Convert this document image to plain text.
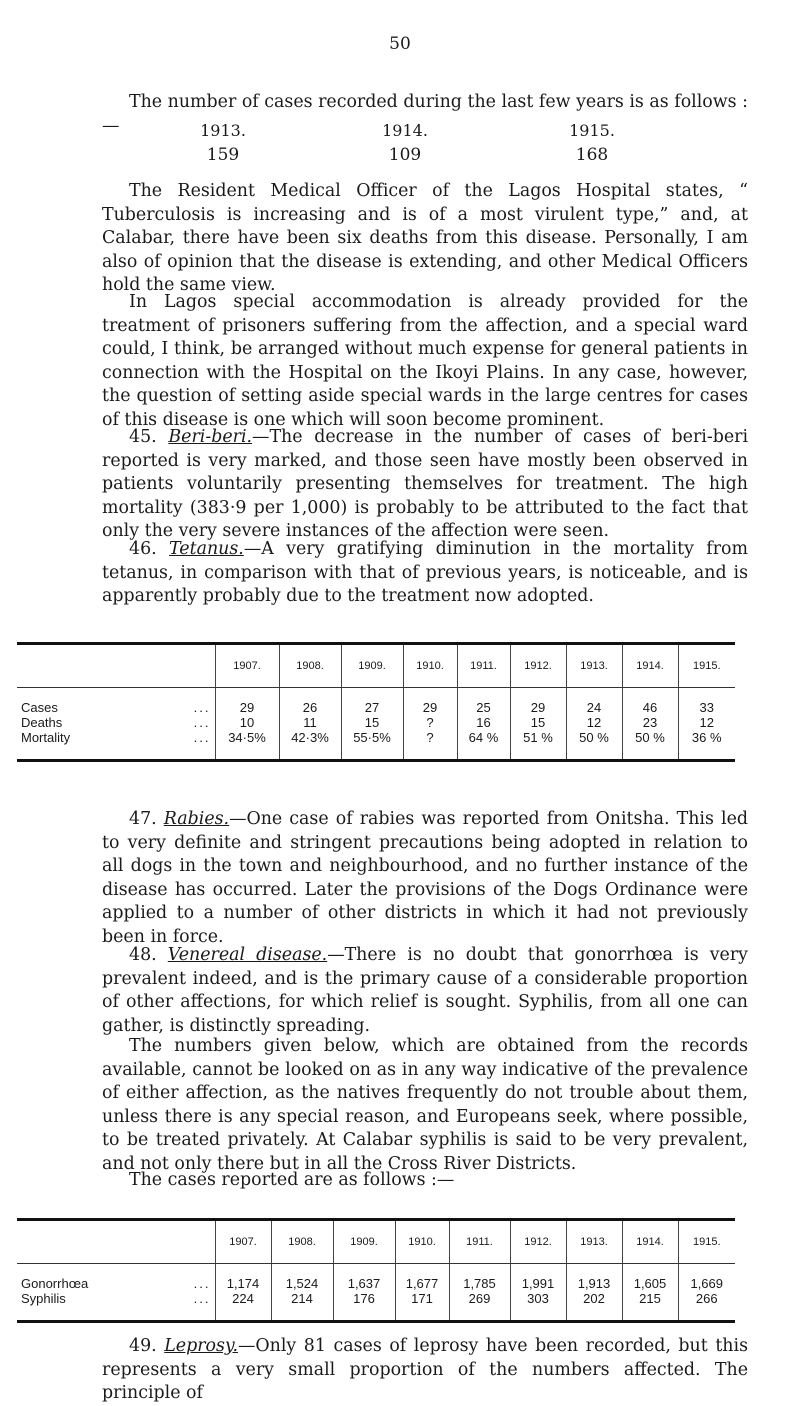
50

The number of cases recorded during the last few years is as follows :—	1913.	1914.	1915.
159	109	168

The Resident Medical Officer of the Lagos Hospital states, “ Tuberculosis is increasing and is of a most virulent type,” and, at Calabar, there have been six deaths from this disease. Personally, I am also of opinion that the disease is extending, and other Medical Officers hold the same view.

In Lagos special accommodation is already provided for the treatment of prisoners suffering from the affection, and a special ward could, I think, be arranged without much expense for general patients in connection with the Hospital on the Ikoyi Plains. In any case, however, the question of setting aside special wards in the large centres for cases of this disease is one which will soon become prominent.

45. Beri-beri.—The decrease in the number of cases of beri-beri reported is very marked, and those seen have mostly been observed in patients voluntarily presenting themselves for treatment. The high mortality (383·9 per 1,000) is probably to be attributed to the fact that only the very severe instances of the affection were seen.

46. Tetanus.—A very gratifying diminution in the mortality from tetanus, in comparison with that of previous years, is noticeable, and is apparently probably due to the treatment now adopted.

	1907.	1908.	1909.	1910.	1911.	1912.	1913.	1914.	1915.

Cases ...	29	26	27	29	25	29	24	46	33
Deaths ...	10	11	15	?	16	15	12	23	12
Mortality ...	34·5%	42·3%	55·5%	?	64 %	51 %	50 %	50 %	36 %

47. Rabies.—One case of rabies was reported from Onitsha. This led to very definite and stringent precautions being adopted in relation to all dogs in the town and neighbourhood, and no further instance of the disease has occurred. Later the provisions of the Dogs Ordinance were applied to a number of other districts in which it had not previously been in force.

48. Venereal disease.—There is no doubt that gonorrhœa is very prevalent indeed, and is the primary cause of a considerable proportion of other affections, for which relief is sought. Syphilis, from all one can gather, is distinctly spreading.

The numbers given below, which are obtained from the records available, cannot be looked on as in any way indicative of the prevalence of either affection, as the natives frequently do not trouble about them, unless there is any special reason, and Europeans seek, where possible, to be treated privately. At Calabar syphilis is said to be very prevalent, and not only there but in all the Cross River Districts.

The cases reported are as follows :—

	1907.	1908.	1909.	1910.	1911.	1912.	1913.	1914.	1915.

Gonorrhœa ...	1,174	1,524	1,637	1,677	1,785	1,991	1,913	1,605	1,669
Syphilis ...	224	214	176	171	269	303	202	215	266

49. Leprosy.—Only 81 cases of leprosy have been recorded, but this represents a very small proportion of the numbers affected. The principle of
